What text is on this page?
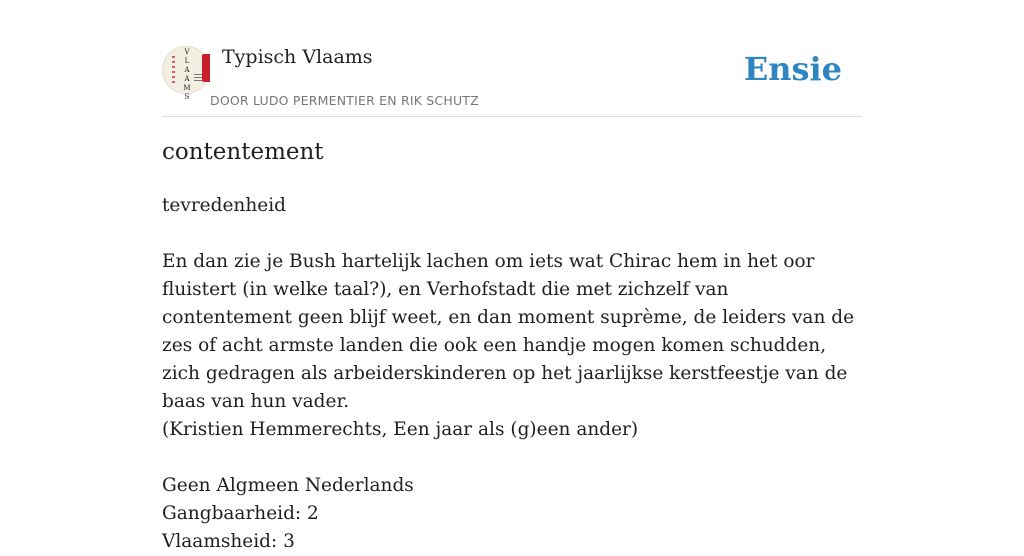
V
L
A
A
M
S
Typisch Vlaams
DOOR LUDO PERMENTIER EN RIK SCHUTZ
Ensie
contentement

tevredenheid

En dan zie je Bush hartelijk lachen om iets wat Chirac hem in het oor fluistert (in welke taal?), en Verhofstadt die met zichzelf van contentement geen blijf weet, en dan moment suprème, de leiders van de zes of acht armste landen die ook een handje mogen komen schudden, zich gedragen als arbeiderskinderen op het jaarlijkse kerstfeestje van de baas van hun vader.

(Kristien Hemmerechts, Een jaar als (g)een ander)

Geen Algmeen Nederlands

Gangbaarheid: 2

Vlaamsheid: 3
